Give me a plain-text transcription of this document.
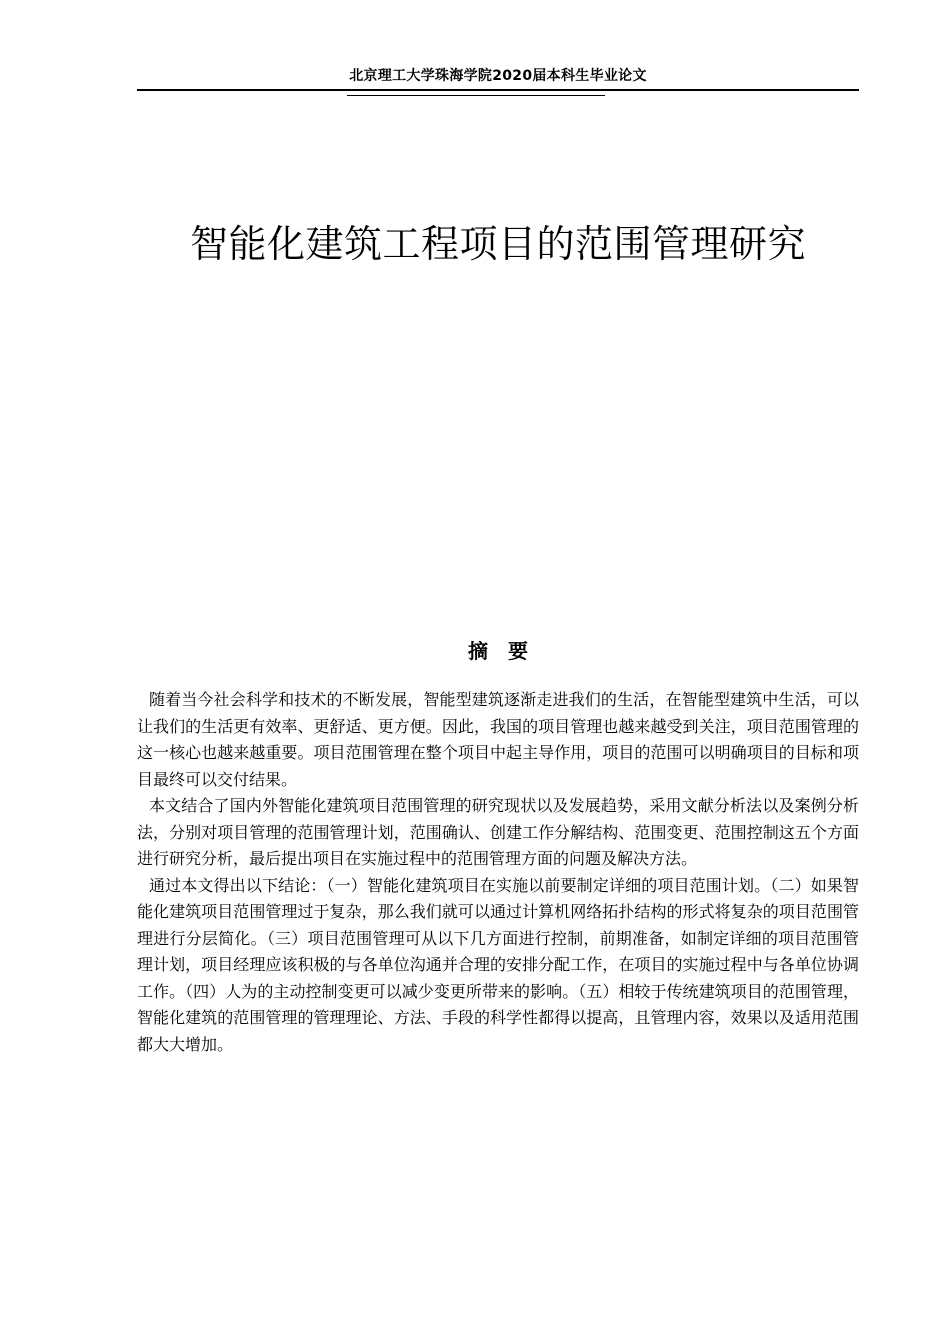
北京理工大学珠海学院2020届本科生毕业论文
智能化建筑工程项目的范围管理研究
摘要

随着当今社会科学和技术的不断发展，智能型建筑逐渐走进我们的生活，在智能型建筑中生活，可以让我们的生活更有效率、更舒适、更方便。因此，我国的项目管理也越来越受到关注，项目范围管理的这一核心也越来越重要。项目范围管理在整个项目中起主导作用，项目的范围可以明确项目的目标和项目最终可以交付结果。

本文结合了国内外智能化建筑项目范围管理的研究现状以及发展趋势，采用文献分析法以及案例分析法，分别对项目管理的范围管理计划，范围确认、创建工作分解结构、范围变更、范围控制这五个方面进行研究分析，最后提出项目在实施过程中的范围管理方面的问题及解决方法。

通过本文得出以下结论：（一）智能化建筑项目在实施以前要制定详细的项目范围计划。（二）如果智能化建筑项目范围管理过于复杂，那么我们就可以通过计算机网络拓扑结构的形式将复杂的项目范围管理进行分层简化。（三）项目范围管理可从以下几方面进行控制，前期准备，如制定详细的项目范围管理计划，项目经理应该积极的与各单位沟通并合理的安排分配工作，在项目的实施过程中与各单位协调工作。（四）人为的主动控制变更可以减少变更所带来的影响。（五）相较于传统建筑项目的范围管理，智能化建筑的范围管理的管理理论、方法、手段的科学性都得以提高，且管理内容，效果以及适用范围都大大增加。
